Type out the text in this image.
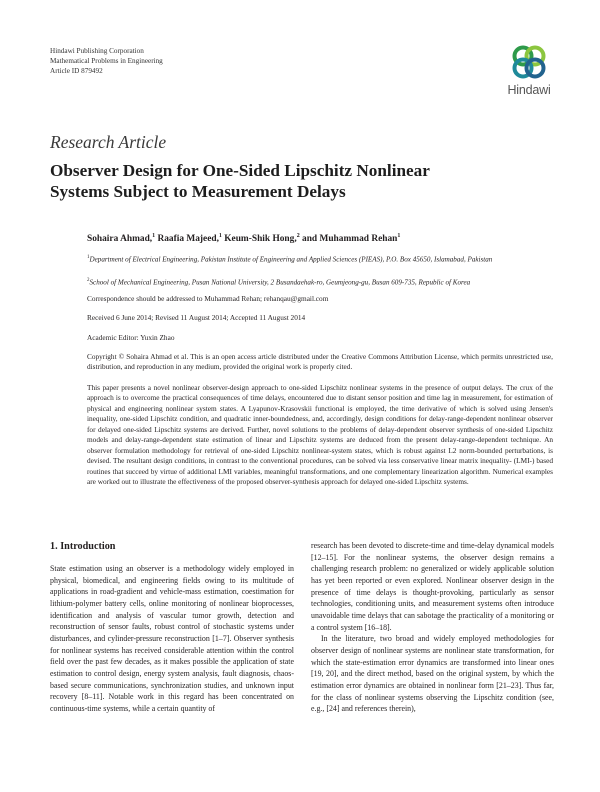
Hindawi Publishing Corporation
Mathematical Problems in Engineering
Article ID 879492
Hindawi
Research Article
Observer Design for One-Sided Lipschitz Nonlinear Systems Subject to Measurement Delays
Sohaira Ahmad,$^1$ Raafia Majeed,$^1$ Keum-Shik Hong,$^2$ and Muhammad Rehan$^1$
$^1$Department of Electrical Engineering, Pakistan Institute of Engineering and Applied Sciences (PIEAS), P.O. Box 45650, Islamabad, Pakistan
$^2$School of Mechanical Engineering, Pusan National University, 2 Busandaehak-ro, Geumjeong-gu, Busan 609-735, Republic of Korea
Correspondence should be addressed to Muhammad Rehan; rehanqau@gmail.com
Received 6 June 2014; Revised 11 August 2014; Accepted 11 August 2014
Academic Editor: Yuxin Zhao
Copyright © Sohaira Ahmad et al. This is an open access article distributed under the Creative Commons Attribution License, which permits unrestricted use, distribution, and reproduction in any medium, provided the original work is properly cited.
This paper presents a novel nonlinear observer-design approach to one-sided Lipschitz nonlinear systems in the presence of output delays. The crux of the approach is to overcome the practical consequences of time delays, encountered due to distant sensor position and time lag in measurement, for estimation of physical and engineering nonlinear system states. A Lyapunov-Krasovskii functional is employed, the time derivative of which is solved using Jensen's inequality, one-sided Lipschitz condition, and quadratic inner-boundedness, and, accordingly, design conditions for delay-range-dependent nonlinear observer for delayed one-sided Lipschitz systems are derived. Further, novel solutions to the problems of delay-dependent observer synthesis of one-sided Lipschitz models and delay-range-dependent state estimation of linear and Lipschitz systems are deduced from the present delay-range-dependent technique. An observer formulation methodology for retrieval of one-sided Lipschitz nonlinear-system states, which is robust against L2 norm-bounded perturbations, is devised. The resultant design conditions, in contrast to the conventional procedures, can be solved via less conservative linear matrix inequality- (LMI-) based routines that succeed by virtue of additional LMI variables, meaningful transformations, and one complementary linearization algorithm. Numerical examples are worked out to illustrate the effectiveness of the proposed observer-synthesis approach for delayed one-sided Lipschitz systems.
1. Introduction

State estimation using an observer is a methodology widely employed in physical, biomedical, and engineering fields owing to its multitude of applications in road-gradient and vehicle-mass estimation, coestimation for lithium-polymer battery cells, online monitoring of nonlinear bioprocesses, identification and analysis of vascular tumor growth, detection and reconstruction of sensor faults, robust control of stochastic systems under disturbances, and cylinder-pressure reconstruction [1–7]. Observer synthesis for nonlinear systems has received considerable attention within the control field over the past few decades, as it makes possible the application of state estimation to control design, energy system analysis, fault diagnosis, chaos-based secure communications, synchronization studies, and unknown input recovery [8–11]. Notable work in this regard has been concentrated on continuous-time systems, while a certain quantity of

research has been devoted to discrete-time and time-delay dynamical models [12–15]. For the nonlinear systems, the observer design remains a challenging research problem: no generalized or widely applicable solution has yet been reported or even explored. Nonlinear observer design in the presence of time delays is thought-provoking, particularly as sensor technologies, conditioning units, and measurement systems often introduce unavoidable time delays that can sabotage the practicality of a monitoring or a control system [16–18].

In the literature, two broad and widely employed methodologies for observer design of nonlinear systems are nonlinear state transformation, for which the state-estimation error dynamics are transformed into linear ones [19, 20], and the direct method, based on the original system, by which the estimation error dynamics are obtained in nonlinear form [21–23]. Thus far, for the class of nonlinear systems observing the Lipschitz condition (see, e.g., [24] and references therein),
